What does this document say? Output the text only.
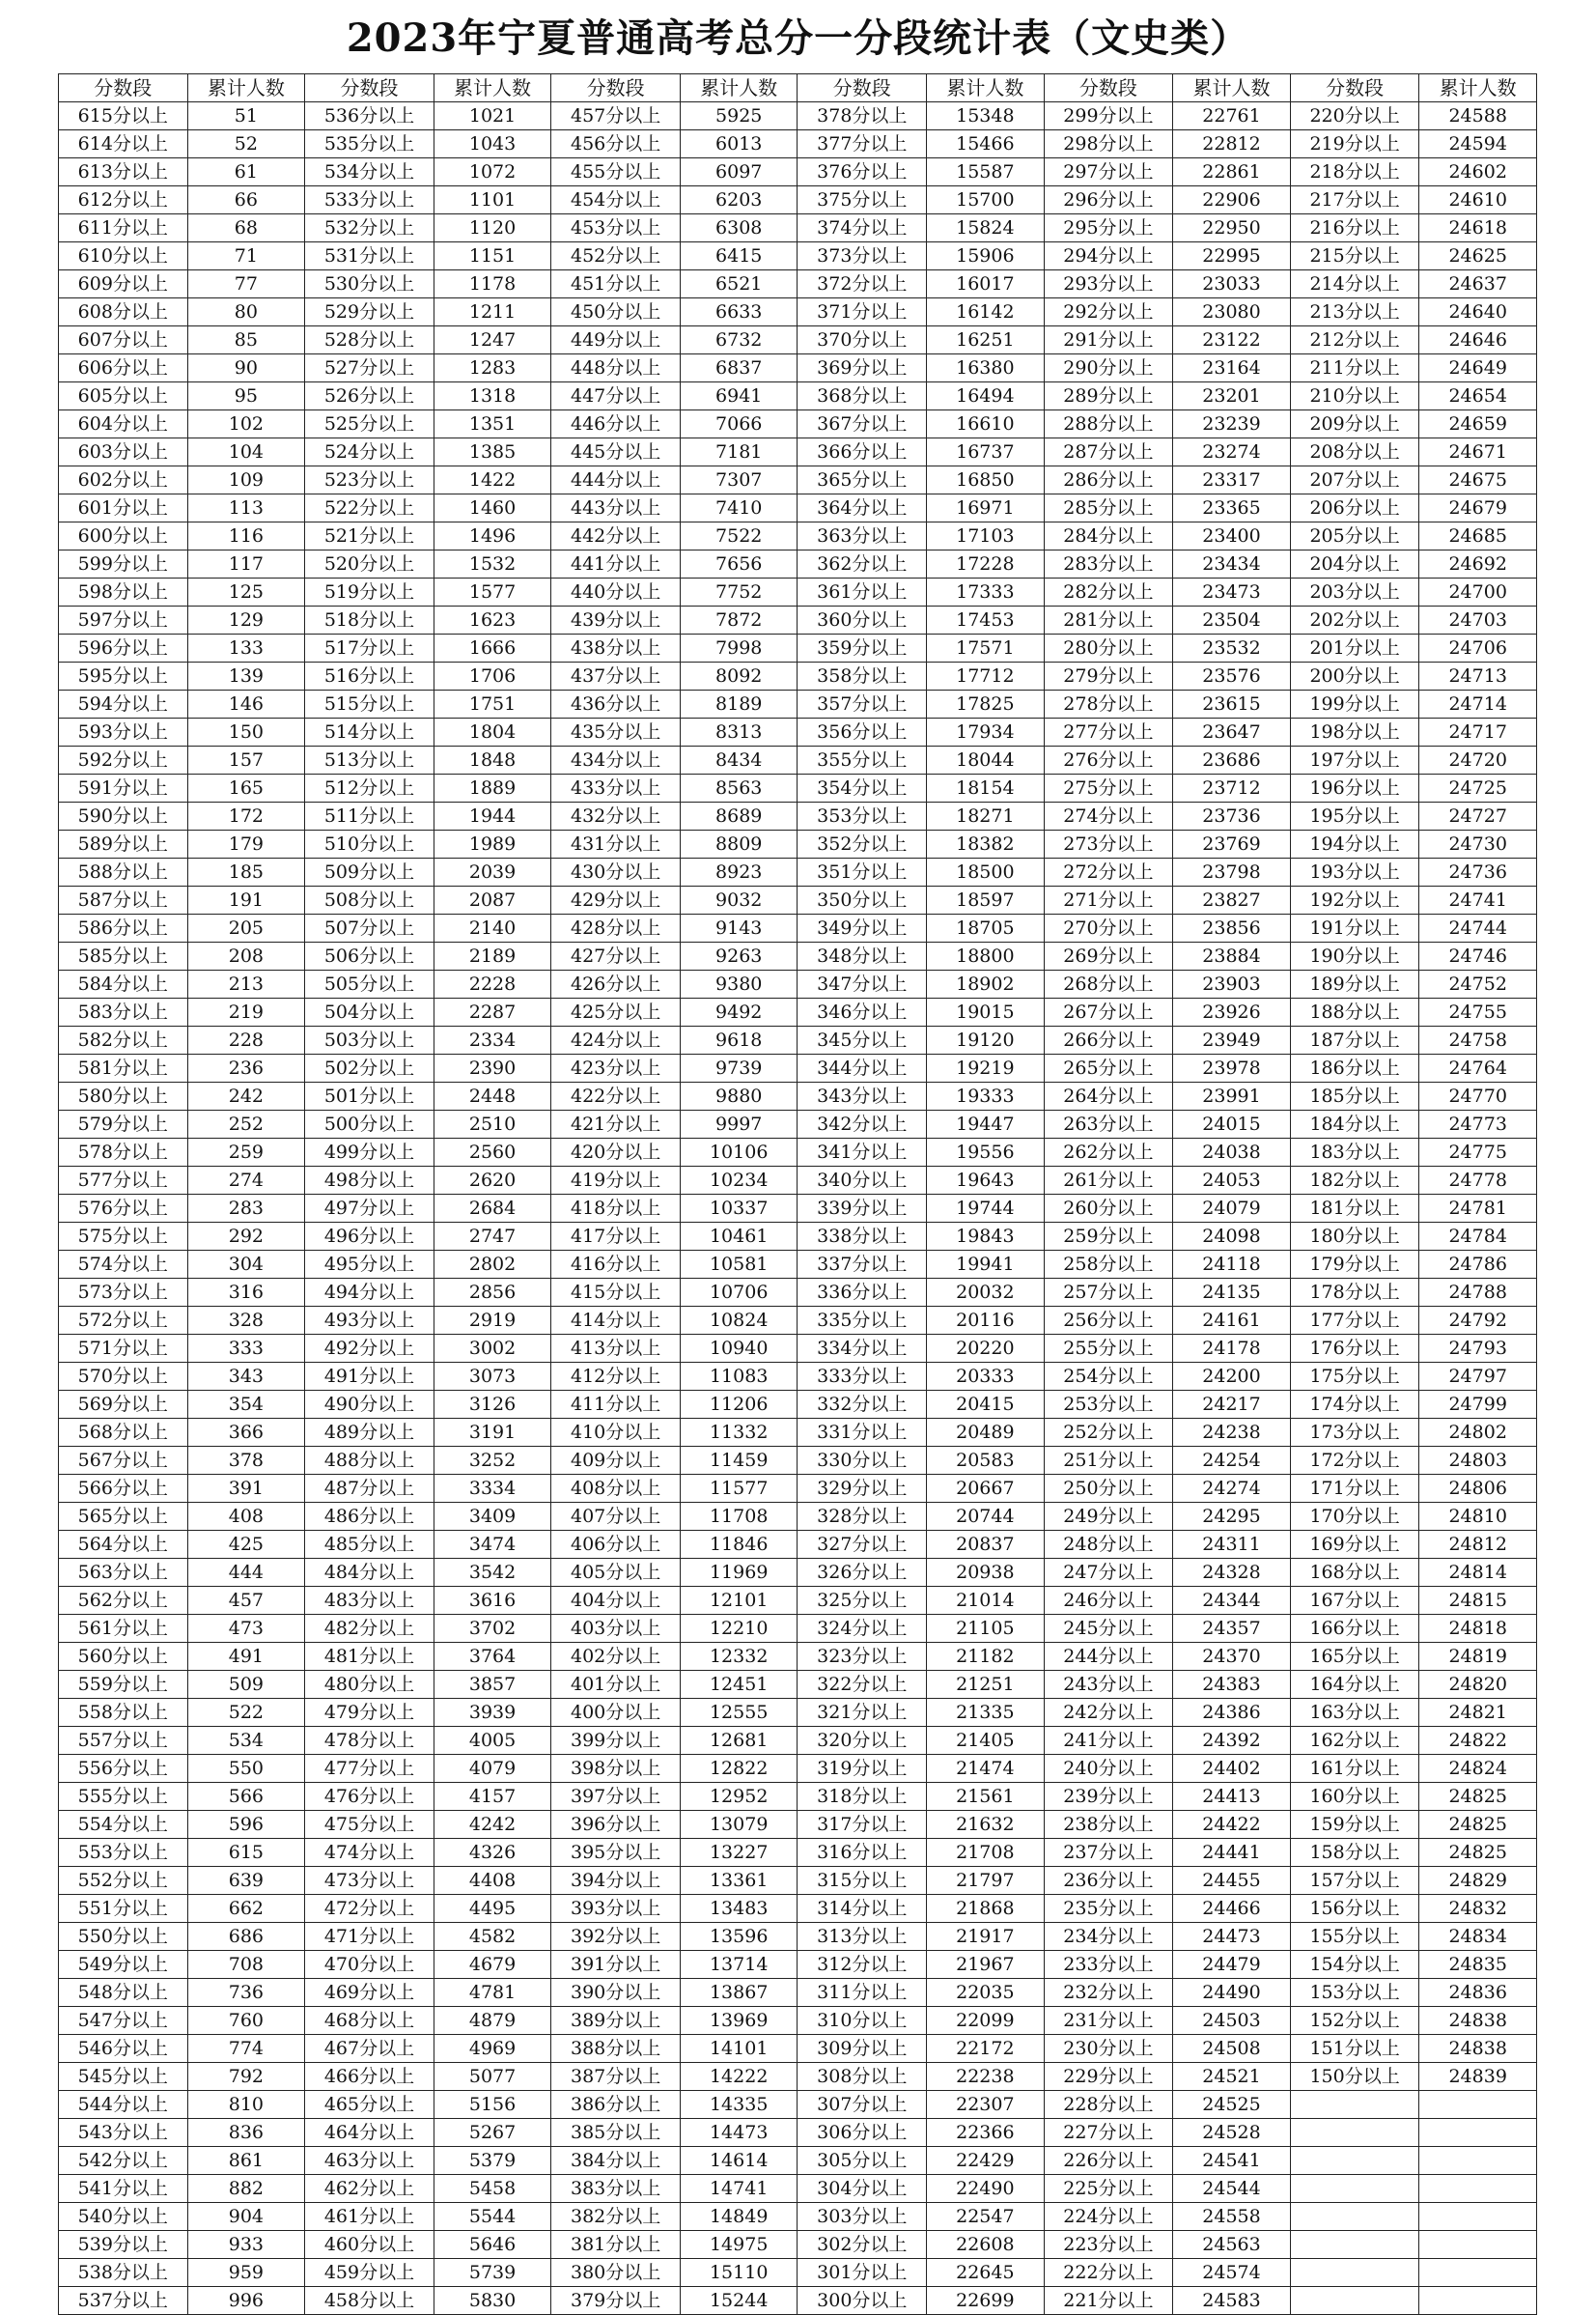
2023年宁夏普通高考总分一分段统计表（文史类）
分数段	累计人数	分数段	累计人数	分数段	累计人数	分数段	累计人数	分数段	累计人数	分数段	累计人数
615分以上	51	536分以上	1021	457分以上	5925	378分以上	15348	299分以上	22761	220分以上	24588
614分以上	52	535分以上	1043	456分以上	6013	377分以上	15466	298分以上	22812	219分以上	24594
613分以上	61	534分以上	1072	455分以上	6097	376分以上	15587	297分以上	22861	218分以上	24602
612分以上	66	533分以上	1101	454分以上	6203	375分以上	15700	296分以上	22906	217分以上	24610
611分以上	68	532分以上	1120	453分以上	6308	374分以上	15824	295分以上	22950	216分以上	24618
610分以上	71	531分以上	1151	452分以上	6415	373分以上	15906	294分以上	22995	215分以上	24625
609分以上	77	530分以上	1178	451分以上	6521	372分以上	16017	293分以上	23033	214分以上	24637
608分以上	80	529分以上	1211	450分以上	6633	371分以上	16142	292分以上	23080	213分以上	24640
607分以上	85	528分以上	1247	449分以上	6732	370分以上	16251	291分以上	23122	212分以上	24646
606分以上	90	527分以上	1283	448分以上	6837	369分以上	16380	290分以上	23164	211分以上	24649
605分以上	95	526分以上	1318	447分以上	6941	368分以上	16494	289分以上	23201	210分以上	24654
604分以上	102	525分以上	1351	446分以上	7066	367分以上	16610	288分以上	23239	209分以上	24659
603分以上	104	524分以上	1385	445分以上	7181	366分以上	16737	287分以上	23274	208分以上	24671
602分以上	109	523分以上	1422	444分以上	7307	365分以上	16850	286分以上	23317	207分以上	24675
601分以上	113	522分以上	1460	443分以上	7410	364分以上	16971	285分以上	23365	206分以上	24679
600分以上	116	521分以上	1496	442分以上	7522	363分以上	17103	284分以上	23400	205分以上	24685
599分以上	117	520分以上	1532	441分以上	7656	362分以上	17228	283分以上	23434	204分以上	24692
598分以上	125	519分以上	1577	440分以上	7752	361分以上	17333	282分以上	23473	203分以上	24700
597分以上	129	518分以上	1623	439分以上	7872	360分以上	17453	281分以上	23504	202分以上	24703
596分以上	133	517分以上	1666	438分以上	7998	359分以上	17571	280分以上	23532	201分以上	24706
595分以上	139	516分以上	1706	437分以上	8092	358分以上	17712	279分以上	23576	200分以上	24713
594分以上	146	515分以上	1751	436分以上	8189	357分以上	17825	278分以上	23615	199分以上	24714
593分以上	150	514分以上	1804	435分以上	8313	356分以上	17934	277分以上	23647	198分以上	24717
592分以上	157	513分以上	1848	434分以上	8434	355分以上	18044	276分以上	23686	197分以上	24720
591分以上	165	512分以上	1889	433分以上	8563	354分以上	18154	275分以上	23712	196分以上	24725
590分以上	172	511分以上	1944	432分以上	8689	353分以上	18271	274分以上	23736	195分以上	24727
589分以上	179	510分以上	1989	431分以上	8809	352分以上	18382	273分以上	23769	194分以上	24730
588分以上	185	509分以上	2039	430分以上	8923	351分以上	18500	272分以上	23798	193分以上	24736
587分以上	191	508分以上	2087	429分以上	9032	350分以上	18597	271分以上	23827	192分以上	24741
586分以上	205	507分以上	2140	428分以上	9143	349分以上	18705	270分以上	23856	191分以上	24744
585分以上	208	506分以上	2189	427分以上	9263	348分以上	18800	269分以上	23884	190分以上	24746
584分以上	213	505分以上	2228	426分以上	9380	347分以上	18902	268分以上	23903	189分以上	24752
583分以上	219	504分以上	2287	425分以上	9492	346分以上	19015	267分以上	23926	188分以上	24755
582分以上	228	503分以上	2334	424分以上	9618	345分以上	19120	266分以上	23949	187分以上	24758
581分以上	236	502分以上	2390	423分以上	9739	344分以上	19219	265分以上	23978	186分以上	24764
580分以上	242	501分以上	2448	422分以上	9880	343分以上	19333	264分以上	23991	185分以上	24770
579分以上	252	500分以上	2510	421分以上	9997	342分以上	19447	263分以上	24015	184分以上	24773
578分以上	259	499分以上	2560	420分以上	10106	341分以上	19556	262分以上	24038	183分以上	24775
577分以上	274	498分以上	2620	419分以上	10234	340分以上	19643	261分以上	24053	182分以上	24778
576分以上	283	497分以上	2684	418分以上	10337	339分以上	19744	260分以上	24079	181分以上	24781
575分以上	292	496分以上	2747	417分以上	10461	338分以上	19843	259分以上	24098	180分以上	24784
574分以上	304	495分以上	2802	416分以上	10581	337分以上	19941	258分以上	24118	179分以上	24786
573分以上	316	494分以上	2856	415分以上	10706	336分以上	20032	257分以上	24135	178分以上	24788
572分以上	328	493分以上	2919	414分以上	10824	335分以上	20116	256分以上	24161	177分以上	24792
571分以上	333	492分以上	3002	413分以上	10940	334分以上	20220	255分以上	24178	176分以上	24793
570分以上	343	491分以上	3073	412分以上	11083	333分以上	20333	254分以上	24200	175分以上	24797
569分以上	354	490分以上	3126	411分以上	11206	332分以上	20415	253分以上	24217	174分以上	24799
568分以上	366	489分以上	3191	410分以上	11332	331分以上	20489	252分以上	24238	173分以上	24802
567分以上	378	488分以上	3252	409分以上	11459	330分以上	20583	251分以上	24254	172分以上	24803
566分以上	391	487分以上	3334	408分以上	11577	329分以上	20667	250分以上	24274	171分以上	24806
565分以上	408	486分以上	3409	407分以上	11708	328分以上	20744	249分以上	24295	170分以上	24810
564分以上	425	485分以上	3474	406分以上	11846	327分以上	20837	248分以上	24311	169分以上	24812
563分以上	444	484分以上	3542	405分以上	11969	326分以上	20938	247分以上	24328	168分以上	24814
562分以上	457	483分以上	3616	404分以上	12101	325分以上	21014	246分以上	24344	167分以上	24815
561分以上	473	482分以上	3702	403分以上	12210	324分以上	21105	245分以上	24357	166分以上	24818
560分以上	491	481分以上	3764	402分以上	12332	323分以上	21182	244分以上	24370	165分以上	24819
559分以上	509	480分以上	3857	401分以上	12451	322分以上	21251	243分以上	24383	164分以上	24820
558分以上	522	479分以上	3939	400分以上	12555	321分以上	21335	242分以上	24386	163分以上	24821
557分以上	534	478分以上	4005	399分以上	12681	320分以上	21405	241分以上	24392	162分以上	24822
556分以上	550	477分以上	4079	398分以上	12822	319分以上	21474	240分以上	24402	161分以上	24824
555分以上	566	476分以上	4157	397分以上	12952	318分以上	21561	239分以上	24413	160分以上	24825
554分以上	596	475分以上	4242	396分以上	13079	317分以上	21632	238分以上	24422	159分以上	24825
553分以上	615	474分以上	4326	395分以上	13227	316分以上	21708	237分以上	24441	158分以上	24825
552分以上	639	473分以上	4408	394分以上	13361	315分以上	21797	236分以上	24455	157分以上	24829
551分以上	662	472分以上	4495	393分以上	13483	314分以上	21868	235分以上	24466	156分以上	24832
550分以上	686	471分以上	4582	392分以上	13596	313分以上	21917	234分以上	24473	155分以上	24834
549分以上	708	470分以上	4679	391分以上	13714	312分以上	21967	233分以上	24479	154分以上	24835
548分以上	736	469分以上	4781	390分以上	13867	311分以上	22035	232分以上	24490	153分以上	24836
547分以上	760	468分以上	4879	389分以上	13969	310分以上	22099	231分以上	24503	152分以上	24838
546分以上	774	467分以上	4969	388分以上	14101	309分以上	22172	230分以上	24508	151分以上	24838
545分以上	792	466分以上	5077	387分以上	14222	308分以上	22238	229分以上	24521	150分以上	24839
544分以上	810	465分以上	5156	386分以上	14335	307分以上	22307	228分以上	24525		
543分以上	836	464分以上	5267	385分以上	14473	306分以上	22366	227分以上	24528		
542分以上	861	463分以上	5379	384分以上	14614	305分以上	22429	226分以上	24541		
541分以上	882	462分以上	5458	383分以上	14741	304分以上	22490	225分以上	24544		
540分以上	904	461分以上	5544	382分以上	14849	303分以上	22547	224分以上	24558		
539分以上	933	460分以上	5646	381分以上	14975	302分以上	22608	223分以上	24563		
538分以上	959	459分以上	5739	380分以上	15110	301分以上	22645	222分以上	24574		
537分以上	996	458分以上	5830	379分以上	15244	300分以上	22699	221分以上	24583		
